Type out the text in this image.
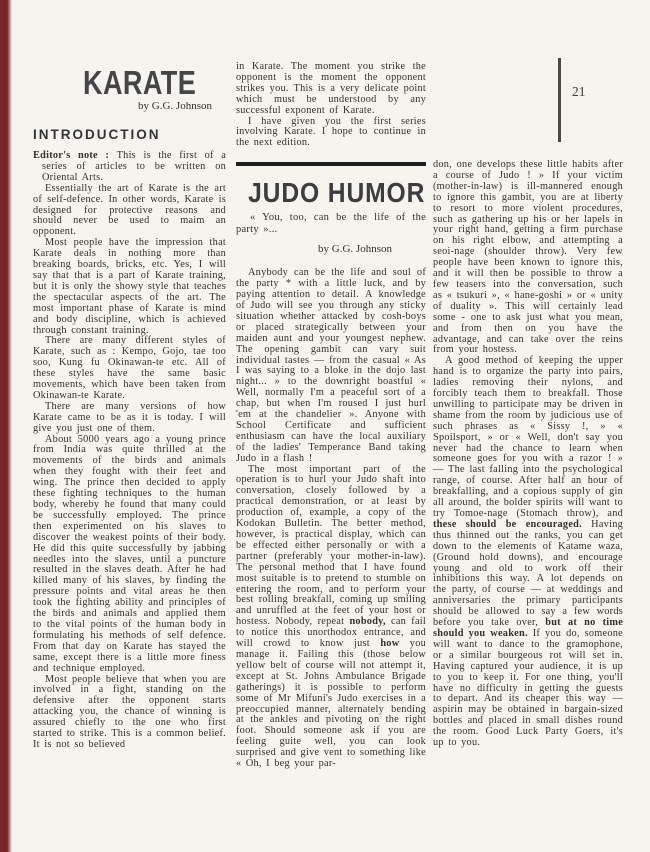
KARATE
by G.G. Johnson
INTRODUCTION

Editor's note : This is the first of a series of articles to be written on Oriental Arts.

Essentially the art of Karate is the art of self-defence. In other words, Karate is designed for protective reasons and should never be used to maim an opponent.

Most people have the impression that Karate deals in nothing more than breaking boards, bricks, etc. Yes, I will say that that is a part of Karate training, but it is only the showy style that teaches the spectacular aspects of the art. The most important phase of Karate is mind and body discipline, which is achieved through constant training.

There are many different styles of Karate, such as : Kempo, Gojo, tae too soo, Kung fu Okinawan-te etc. All of these styles have the same basic movements, which have been taken from Okinawan-te Karate.

There are many versions of how Karate came to be as it is today. I will give you just one of them.

About 5000 years ago a young prince from India was quite thrilled at the movements of the birds and animals when they fought with their feet and wing. The prince then decided to apply these fighting techniques to the human body, whereby he found that many could be successfully employed. The prince then experimented on his slaves to discover the weakest points of their body. He did this quite successfully by jabbing needles into the slaves, until a puncture resulted in the slaves death. After he had killed many of his slaves, by finding the pressure points and vital areas he then took the fighting ability and principles of the birds and animals and applied them to the vital points of the human body in formulating his methods of self defence. From that day on Karate has stayed the same, except there is a little more finess and technique employed.

Most people believe that when you are involved in a fight, standing on the defensive after the opponent starts attacking you, the chance of winning is assured chiefly to the one who first started to strike. This is a common belief. It is not so believed

in Karate. The moment you strike the opponent is the moment the opponent strikes you. This is a very delicate point which must be understood by any successful exponent of Karate.

I have given you the first series involving Karate. I hope to continue in the next edition.

JUDO HUMOR
« You, too, can be the life of the party »...
by G.G. Johnson

Anybody can be the life and soul of the party * with a little luck, and by paying attention to detail. A knowledge of Judo will see you through any sticky situation whether attacked by cosh-boys or placed strategically between your maiden aunt and your youngest nephew. The opening gambit can vary suit individual tastes — from the casual « As I was saying to a bloke in the dojo last night... » to the downright boastful « Well, normally I'm a peaceful sort of a chap, but when I'm roused I just hurl 'em at the chandelier ». Anyone with School Certificate and sufficient enthusiasm can have the local auxiliary of the ladies' Temperance Band taking Judo in a flash !

The most important part of the operation is to hurl your Judo shaft into conversation, closely followed by a practical demonstration, or at least by production of, example, a copy of the Kodokan Bulletin. The better method, however, is practical display, which can be effected either personally or with a partner (preferably your mother-in-law). The personal method that I have found most suitable is to pretend to stumble on entering the room, and to perform your best rolling breakfall, coming up smiling and unruffled at the feet of your host or hostess. Nobody, repeat nobody, can fail to notice this unorthodox entrance, and will crowd to know just how you manage it. Failing this (those below yellow belt of course will not attempt it, except at St. Johns Ambulance Brigade gatherings) it is possible to perform some of Mr Mifuni's Judo exercises in a preoccupied manner, alternately bending at the ankles and pivoting on the right foot. Should someone ask if you are feeling guite well, you can look surprised and give vent to something like « Oh, I beg your par-

21

don, one develops these little habits after a course of Judo ! » If your victim (mother-in-law) is ill-mannered enough to ignore this gambit, you are at liberty to resort to more violent procedures, such as gathering up his or her lapels in your right hand, getting a firm purchase on his right elbow, and attempting a seoi-nage (shoulder throw). Very few people have been known to ignore this, and it will then be possible to throw a few teasers into the conversation, such as « tsukuri », « hane-goshi » or « unity of duality ». This will certainly lead some - one to ask just what you mean, and from then on you have the advantage, and can take over the reins from your hostess.

A good method of keeping the upper hand is to organize the party into pairs, ladies removing their nylons, and forcibly teach them to breakfall. Those unwilling to participate may be driven in shame from the room by judicious use of such phrases as « Sissy !, » « Spoilsport, » or « Well, don't say you never had the chance to learn when someone goes for you with a razor ! » — The last falling into the psychological range, of course. After half an hour of breakfalling, and a copious supply of gin all around, the bolder spirits will want to try Tomoe-nage (Stomach throw), and these should be encouraged. Having thus thinned out the ranks, you can get down to the elements of Katame waza, (Ground hold downs), and encourage young and old to work off their inhibitions this way. A lot depends on the party, of course — at weddings and anniversaries the primary participants should be allowed to say a few words before you take over, but at no time should you weaken. If you do, someone will want to dance to the gramophone, or a similar bourgeous rot will set in. Having captured your audience, it is up to you to keep it. For one thing, you'll have no difficulty in getting the guests to depart. And its cheaper this way — aspirin may be obtained in bargain-sized bottles and placed in small dishes round the room. Good Luck Party Goers, it's up to you.
